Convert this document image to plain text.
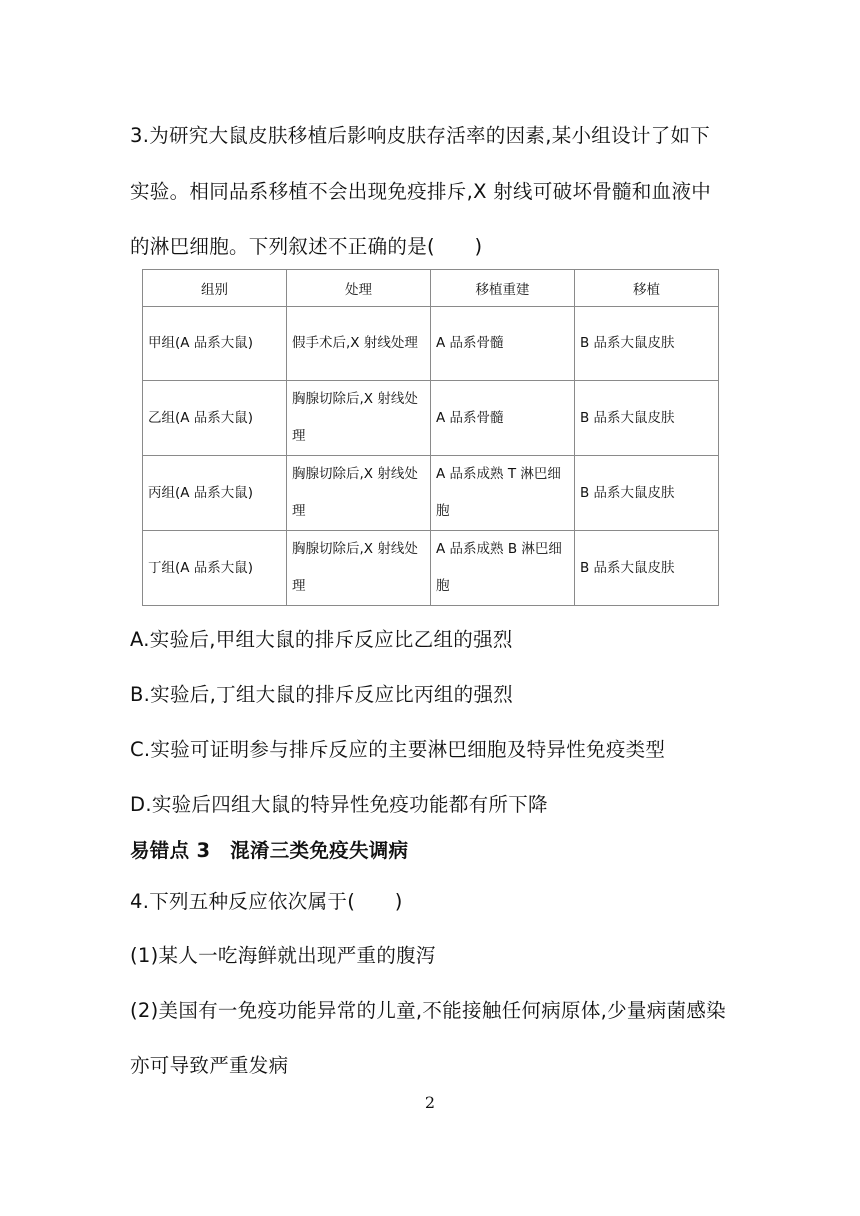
3.为研究大鼠皮肤移植后影响皮肤存活率的因素,某小组设计了如下
实验。相同品系移植不会出现免疫排斥,X 射线可破坏骨髓和血液中
的淋巴细胞。下列叙述不正确的是(　　)
组别	处理	移植重建	移植
甲组(A 品系大鼠)	假手术后,X 射线处理	A 品系骨髓	B 品系大鼠皮肤
乙组(A 品系大鼠)	胸腺切除后,X 射线处理	A 品系骨髓	B 品系大鼠皮肤
丙组(A 品系大鼠)	胸腺切除后,X 射线处理	A 品系成熟 T 淋巴细胞	B 品系大鼠皮肤
丁组(A 品系大鼠)	胸腺切除后,X 射线处理	A 品系成熟 B 淋巴细胞	B 品系大鼠皮肤
A.实验后,甲组大鼠的排斥反应比乙组的强烈
B.实验后,丁组大鼠的排斥反应比丙组的强烈
C.实验可证明参与排斥反应的主要淋巴细胞及特异性免疫类型
D.实验后四组大鼠的特异性免疫功能都有所下降
易错点 3　混淆三类免疫失调病
4.下列五种反应依次属于(　　)
(1)某人一吃海鲜就出现严重的腹泻
(2)美国有一免疫功能异常的儿童,不能接触任何病原体,少量病菌感染
亦可导致严重发病
2
